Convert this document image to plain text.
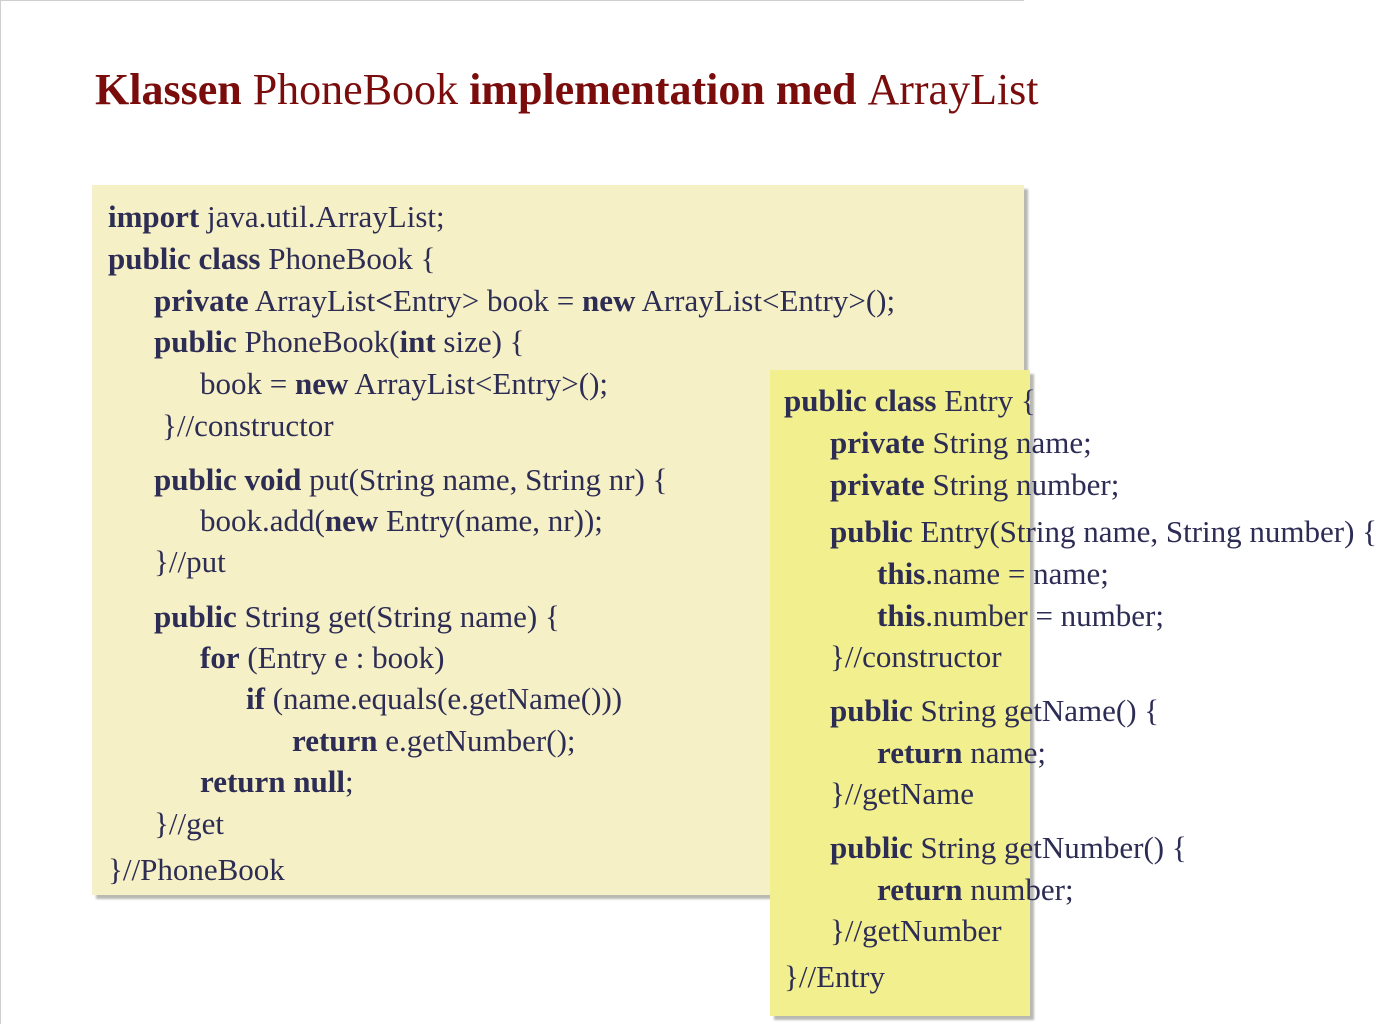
Klassen PhoneBook implementation med ArrayList
import java.util.ArrayList;
public class PhoneBook {
private ArrayList<Entry> book = new ArrayList<Entry>();
public PhoneBook(int size) {
book = new ArrayList<Entry>();
}//constructor
public void put(String name, String nr) {
book.add(new Entry(name, nr));
}//put
public String get(String name) {
for (Entry e : book)
if (name.equals(e.getName()))
return e.getNumber();
return null;
}//get
}//PhoneBook
public class Entry {
private String name;
private String number;
public Entry(String name, String number) {
this.name = name;
this.number = number;
}//constructor
public String getName() {
return name;
}//getName
public String getNumber() {
return number;
}//getNumber
}//Entry
